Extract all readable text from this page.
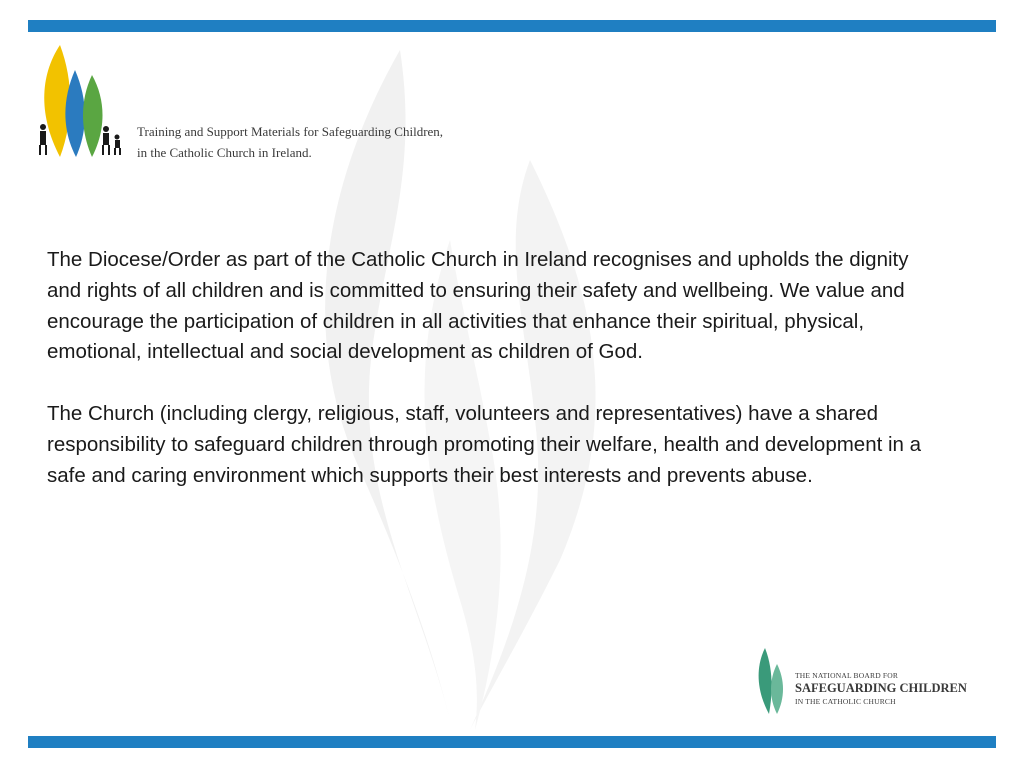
Training and Support Materials for Safeguarding Children,
in the Catholic Church in Ireland.

The Diocese/Order as part of the Catholic Church in Ireland recognises and upholds the dignity and rights of all children and is committed to ensuring their safety and wellbeing. We value and encourage the participation of children in all activities that enhance their spiritual, physical, emotional, intellectual and social development as children of God.

The Church (including clergy, religious, staff, volunteers and representatives) have a shared responsibility to safeguard children through promoting their welfare, health and development in a safe and caring environment which supports their best interests and prevents abuse.

THE NATIONAL BOARD FOR
SAFEGUARDING CHILDREN
IN THE CATHOLIC CHURCH
